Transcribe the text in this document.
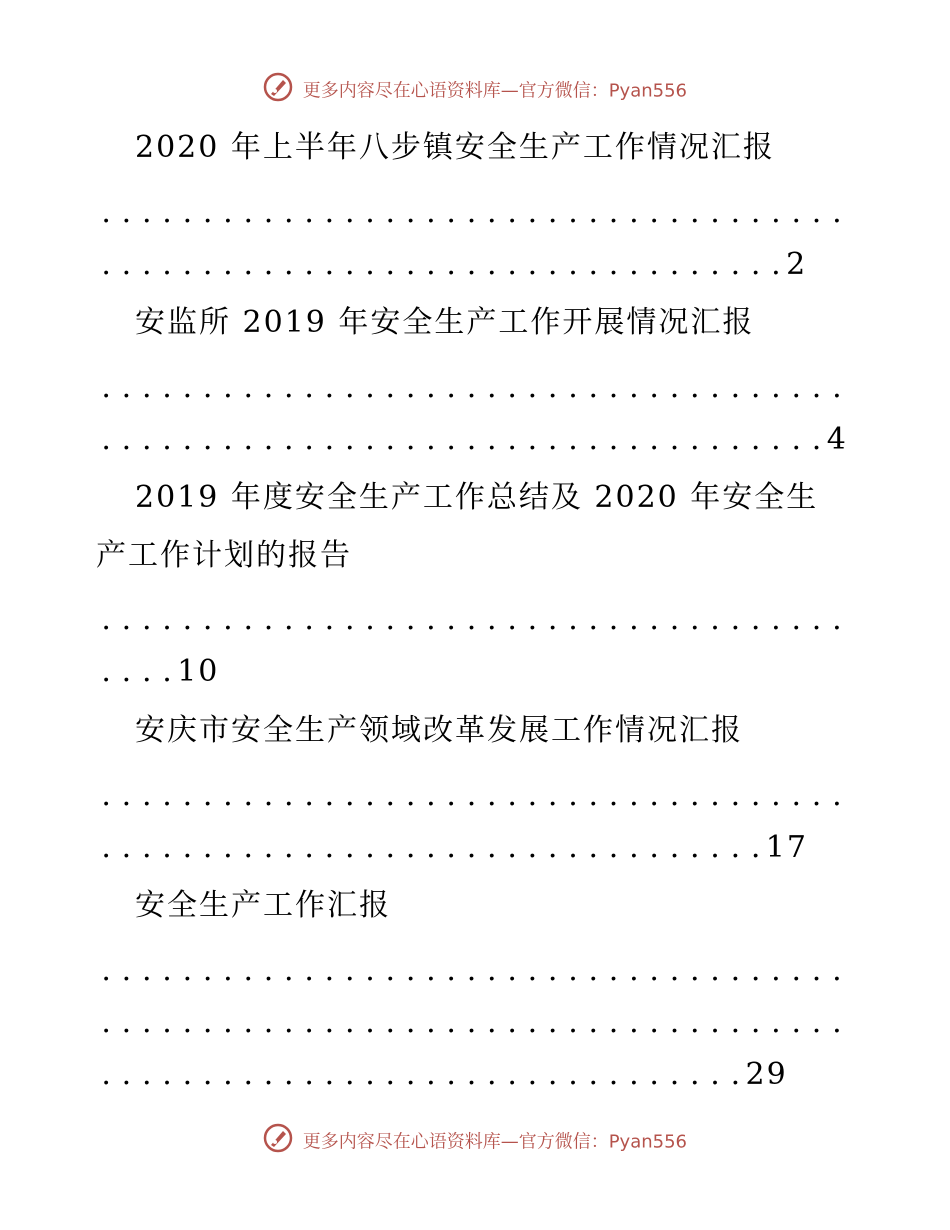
更多内容尽在心语资料库—官方微信：Pyan556
2020 年上半年八步镇安全生产工作情况汇报
. . . . . . . . . . . . . . . . . . . . . . . . . . . . . . . . . . . . .
. . . . . . . . . . . . . . . . . . . . . . . . . . . . . . . . . . 2
安监所 2019 年安全生产工作开展情况汇报
. . . . . . . . . . . . . . . . . . . . . . . . . . . . . . . . . . . . .
. . . . . . . . . . . . . . . . . . . . . . . . . . . . . . . . . . . . 4
2019 年度安全生产工作总结及 2020 年安全生
产工作计划的报告
. . . . . . . . . . . . . . . . . . . . . . . . . . . . . . . . . . . . .
. . . . 10
安庆市安全生产领域改革发展工作情况汇报
. . . . . . . . . . . . . . . . . . . . . . . . . . . . . . . . . . . . .
. . . . . . . . . . . . . . . . . . . . . . . . . . . . . . . . . 17
安全生产工作汇报
. . . . . . . . . . . . . . . . . . . . . . . . . . . . . . . . . . . . .
. . . . . . . . . . . . . . . . . . . . . . . . . . . . . . . . . . . . .
. . . . . . . . . . . . . . . . . . . . . . . . . . . . . . . . 29
更多内容尽在心语资料库—官方微信：Pyan556
